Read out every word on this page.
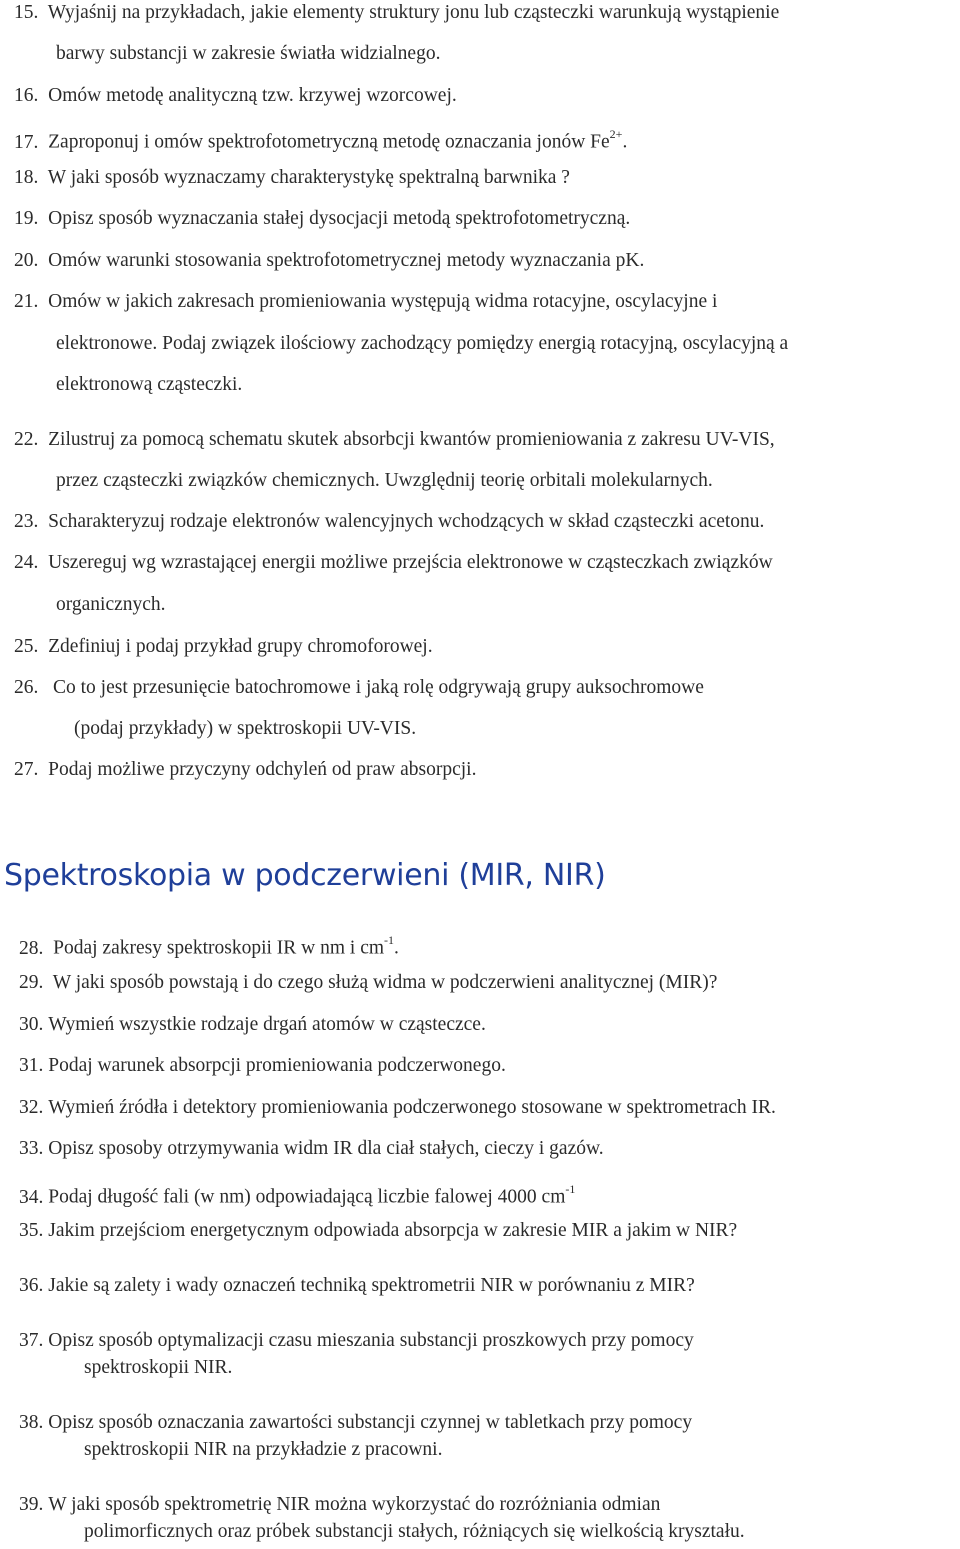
15. Wyjaśnij na przykładach, jakie elementy struktury jonu lub cząsteczki warunkują wystąpienie
barwy substancji w zakresie światła widzialnego.
16. Omów metodę analityczną tzw. krzywej wzorcowej.
17. Zaproponuj i omów spektrofotometryczną metodę oznaczania jonów $Fe^{2+}$.
18. W jaki sposób wyznaczamy charakterystykę spektralną barwnika ?
19. Opisz sposób wyznaczania stałej dysocjacji metodą spektrofotometryczną.
20. Omów warunki stosowania spektrofotometrycznej metody wyznaczania pK.
21. Omów w jakich zakresach promieniowania występują widma rotacyjne, oscylacyjne i
elektronowe. Podaj związek ilościowy zachodzący pomiędzy energią rotacyjną, oscylacyjną a
elektronową cząsteczki.
22. Zilustruj za pomocą schematu skutek absorbcji kwantów promieniowania z zakresu UV-VIS,
przez cząsteczki związków chemicznych. Uwzględnij teorię orbitali molekularnych.
23. Scharakteryzuj rodzaje elektronów walencyjnych wchodzących w skład cząsteczki acetonu.
24. Uszereguj wg wzrastającej energii możliwe przejścia elektronowe w cząsteczkach związków
organicznych.
25. Zdefiniuj i podaj przykład grupy chromoforowej.
26. Co to jest przesunięcie batochromowe i jaką rolę odgrywają grupy auksochromowe
(podaj przykłady) w spektroskopii UV-VIS.
27. Podaj możliwe przyczyny odchyleń od praw absorpcji.
Spektroskopia w podczerwieni (MIR, NIR)
28. Podaj zakresy spektroskopii IR w nm i $cm^{-1}$.
29. W jaki sposób powstają i do czego służą widma w podczerwieni analitycznej (MIR)?
30. Wymień wszystkie rodzaje drgań atomów w cząsteczce.
31. Podaj warunek absorpcji promieniowania podczerwonego.
32. Wymień źródła i detektory promieniowania podczerwonego stosowane w spektrometrach IR.
33. Opisz sposoby otrzymywania widm IR dla ciał stałych, cieczy i gazów.
34. Podaj długość fali (w nm) odpowiadającą liczbie falowej 4000 $cm^{-1}$
35. Jakim przejściom energetycznym odpowiada absorpcja w zakresie MIR a jakim w NIR?
36. Jakie są zalety i wady oznaczeń techniką spektrometrii NIR w porównaniu z MIR?
37. Opisz sposób optymalizacji czasu mieszania substancji proszkowych przy pomocy
spektroskopii NIR.
38. Opisz sposób oznaczania zawartości substancji czynnej w tabletkach przy pomocy
spektroskopii NIR na przykładzie z pracowni.
39. W jaki sposób spektrometrię NIR można wykorzystać do rozróżniania odmian
polimorficznych oraz próbek substancji stałych, różniących się wielkością kryształu.
